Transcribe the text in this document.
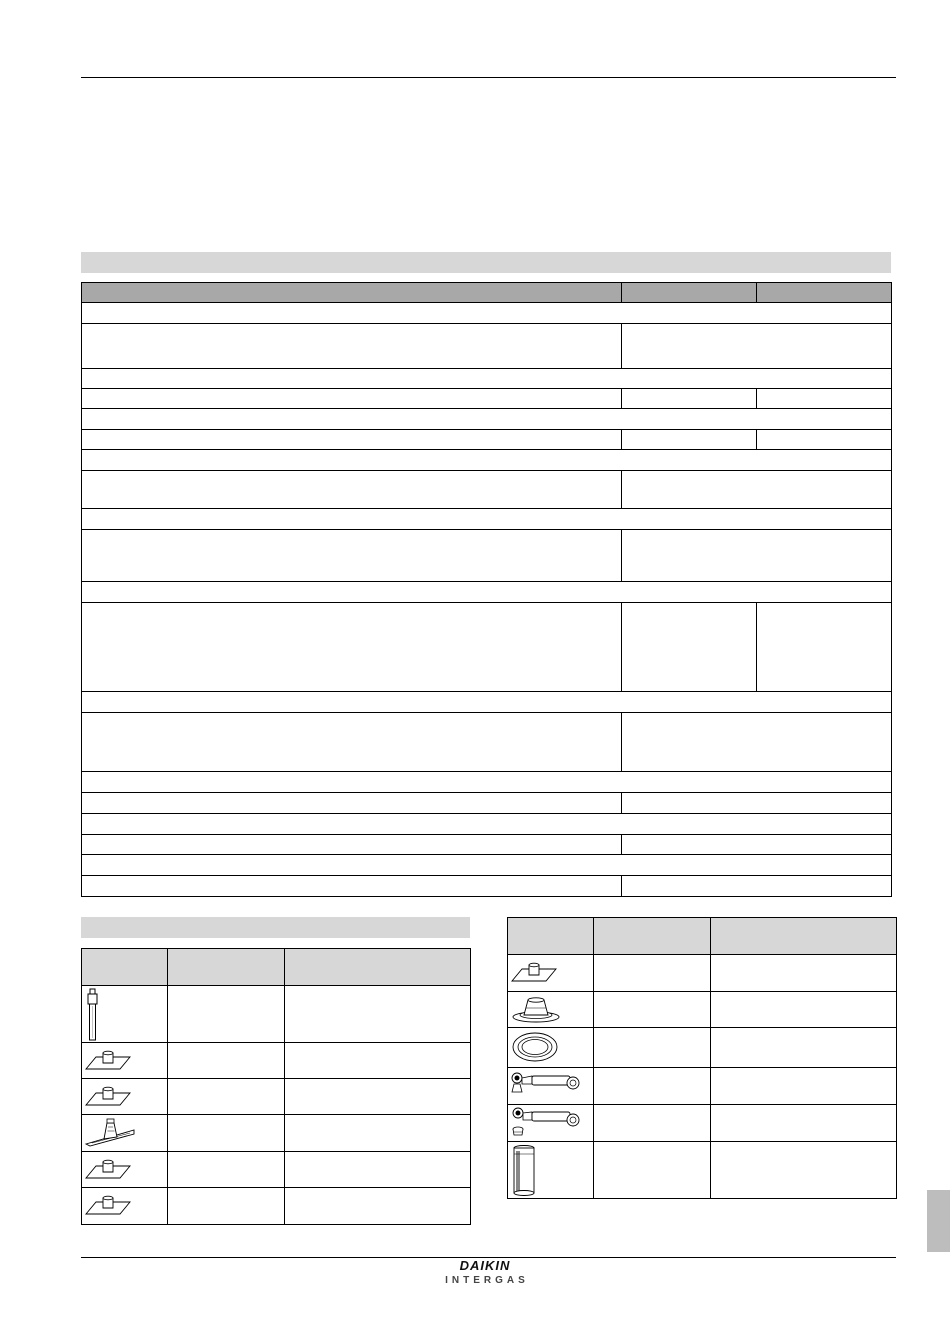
DAIKIN
INTERGAS
